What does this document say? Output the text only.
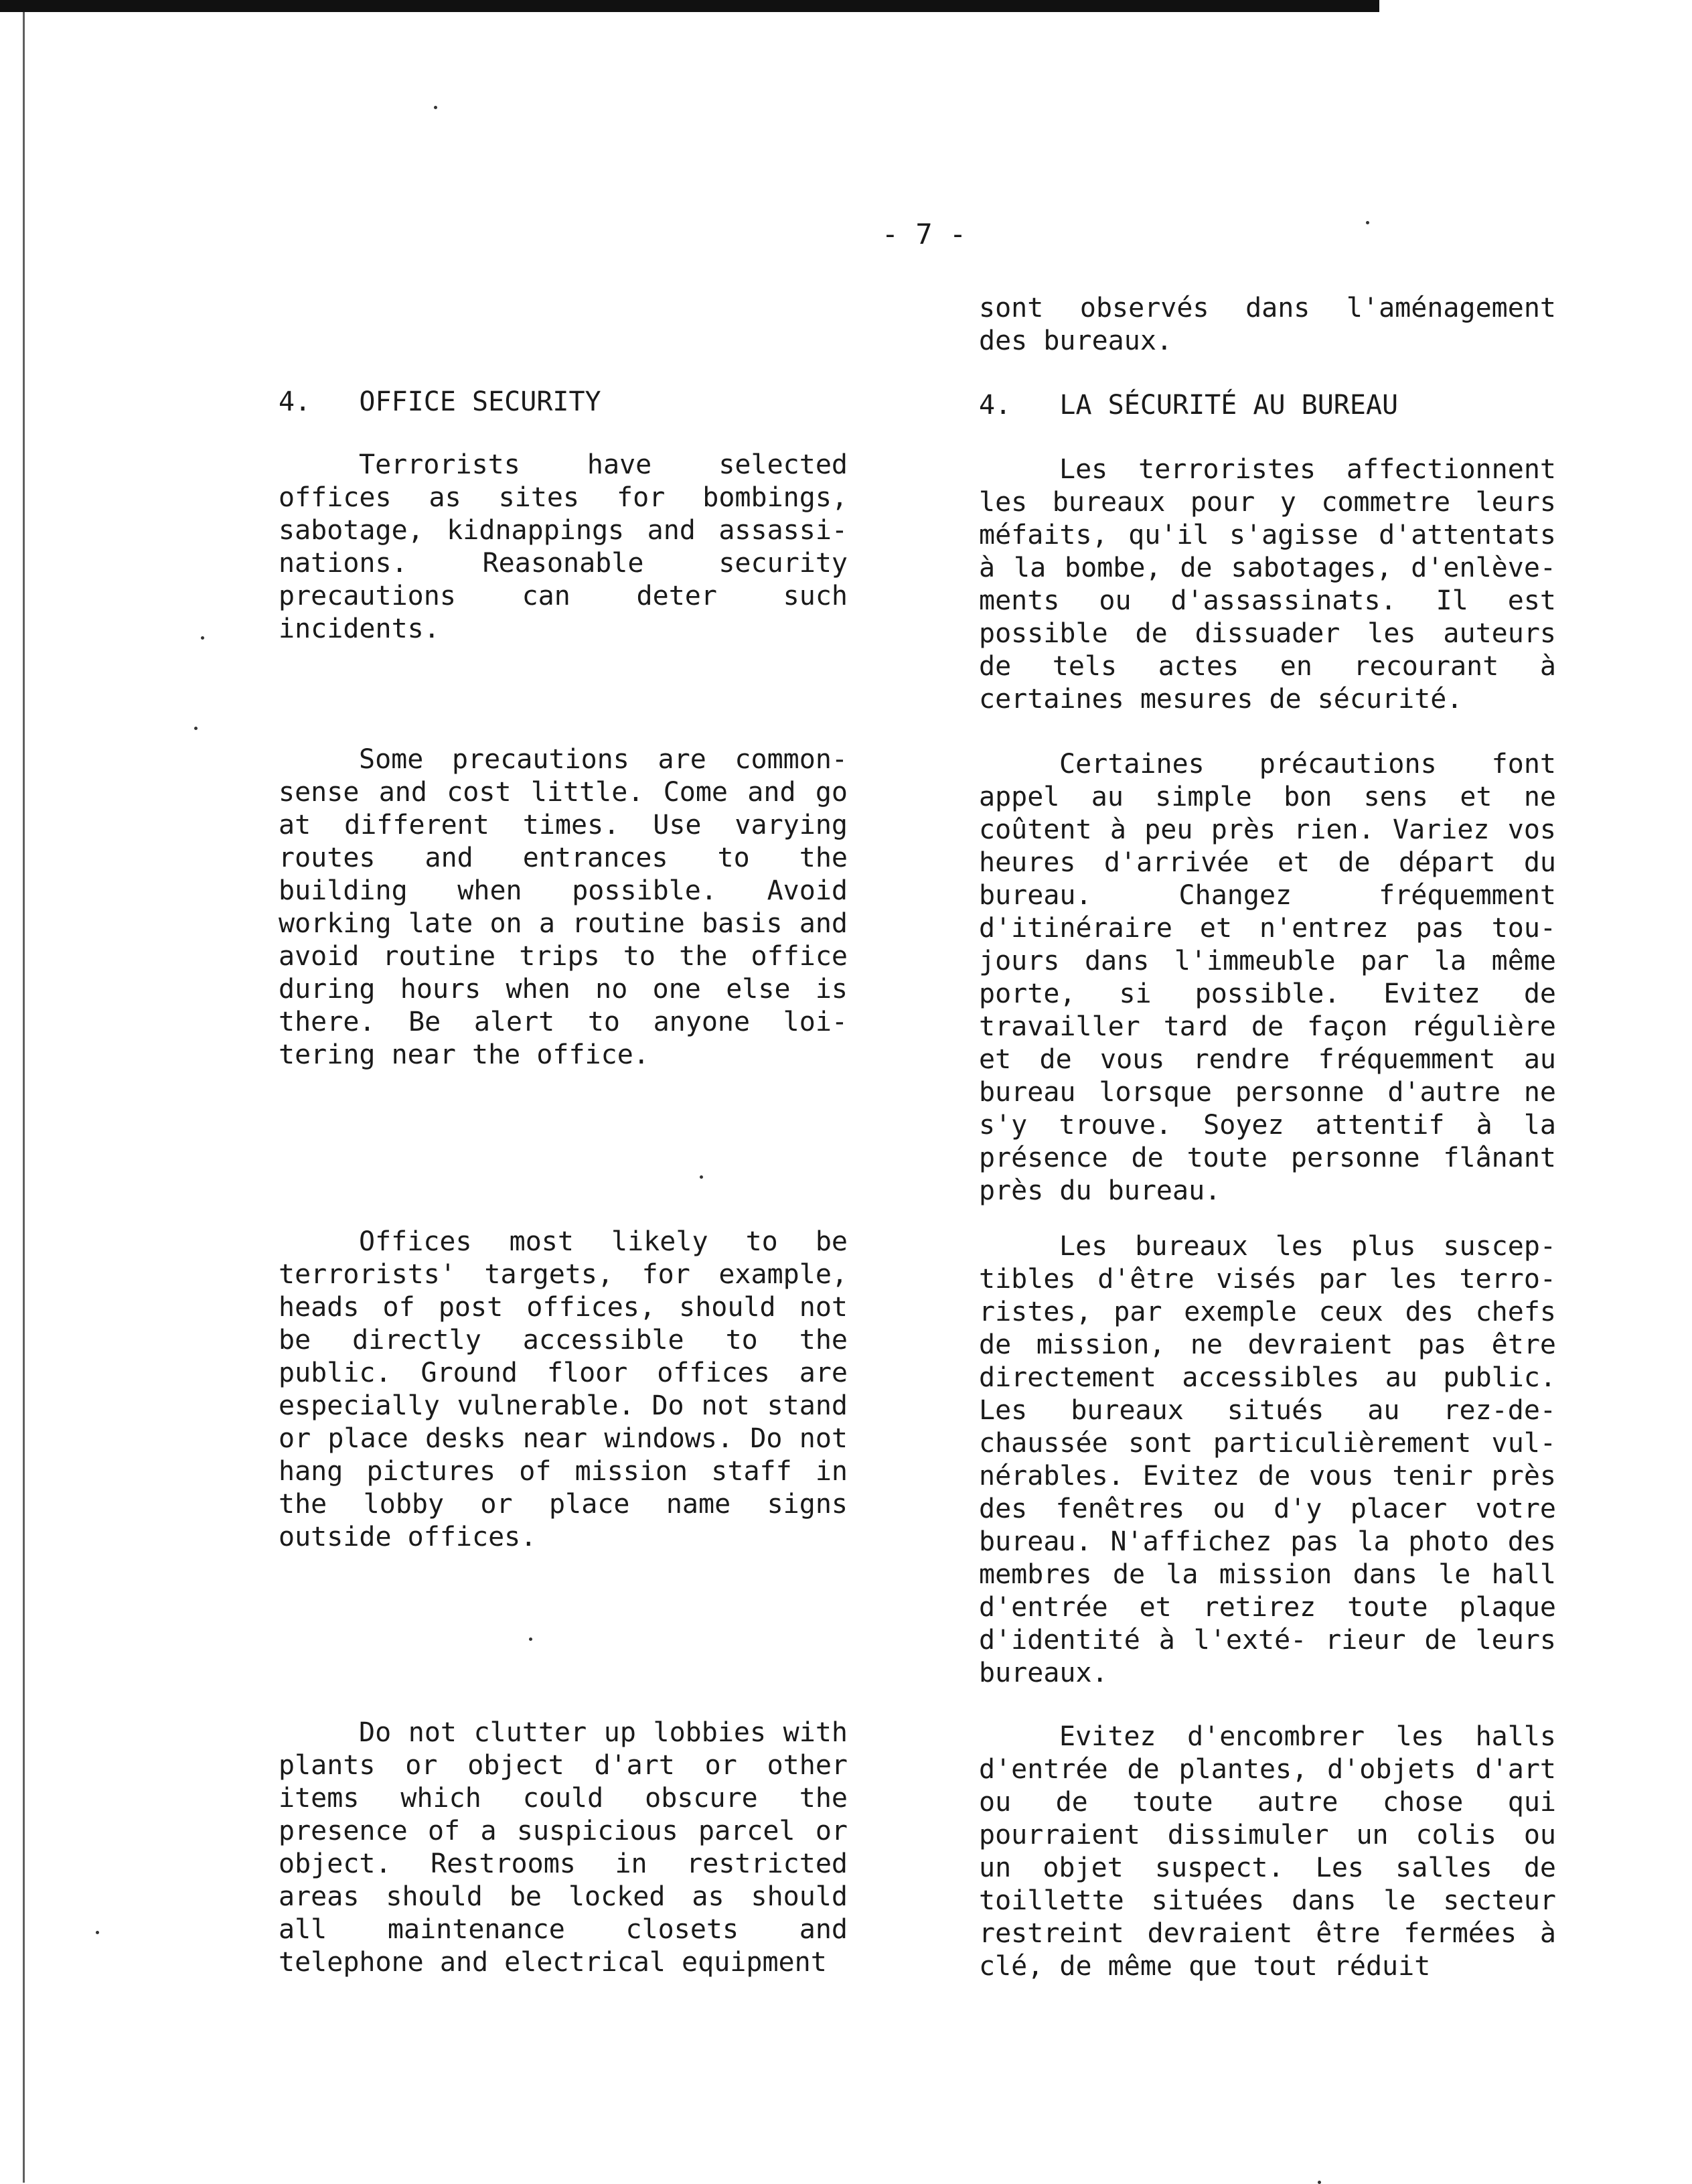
- 7 -

4.   OFFICE SECURITY

Terrorists have selected offices as sites for bombings, sabotage, kidnappings and assassi- nations. Reasonable security precautions can deter such incidents.

Some precautions are common- sense and cost little. Come and go at different times. Use varying routes and entrances to the building when possible. Avoid working late on a routine basis and avoid routine trips to the office during hours when no one else is there. Be alert to anyone loi- tering near the office.

Offices most likely to be terrorists' targets, for example, heads of post offices, should not be directly accessible to the public. Ground floor offices are especially vulnerable. Do not stand or place desks near windows. Do not hang pictures of mission staff in the lobby or place name signs outside offices.

Do not clutter up lobbies with plants or object d'art or other items which could obscure the presence of a suspicious parcel or object. Restrooms in restricted areas should be locked as should all maintenance closets and telephone and electrical equipment

sont observés dans l'aménagement des bureaux.

4.   LA SÉCURITÉ AU BUREAU

Les terroristes affectionnent les bureaux pour y commetre leurs méfaits, qu'il s'agisse d'attentats à la bombe, de sabotages, d'enlève- ments ou d'assassinats. Il est possible de dissuader les auteurs de tels actes en recourant à certaines mesures de sécurité.

Certaines précautions font appel au simple bon sens et ne coûtent à peu près rien. Variez vos heures d'arrivée et de départ du bureau. Changez fréquemment d'itinéraire et n'entrez pas tou- jours dans l'immeuble par la même porte, si possible. Evitez de travailler tard de façon régulière et de vous rendre fréquemment au bureau lorsque personne d'autre ne s'y trouve. Soyez attentif à la présence de toute personne flânant près du bureau.

Les bureaux les plus suscep- tibles d'être visés par les terro- ristes, par exemple ceux des chefs de mission, ne devraient pas être directement accessibles au public. Les bureaux situés au rez-de- chaussée sont particulièrement vul- nérables. Evitez de vous tenir près des fenêtres ou d'y placer votre bureau. N'affichez pas la photo des membres de la mission dans le hall d'entrée et retirez toute plaque d'identité à l'exté- rieur de leurs bureaux.

Evitez d'encombrer les halls d'entrée de plantes, d'objets d'art ou de toute autre chose qui pourraient dissimuler un colis ou un objet suspect. Les salles de toillette situées dans le secteur restreint devraient être fermées à clé, de même que tout réduit
